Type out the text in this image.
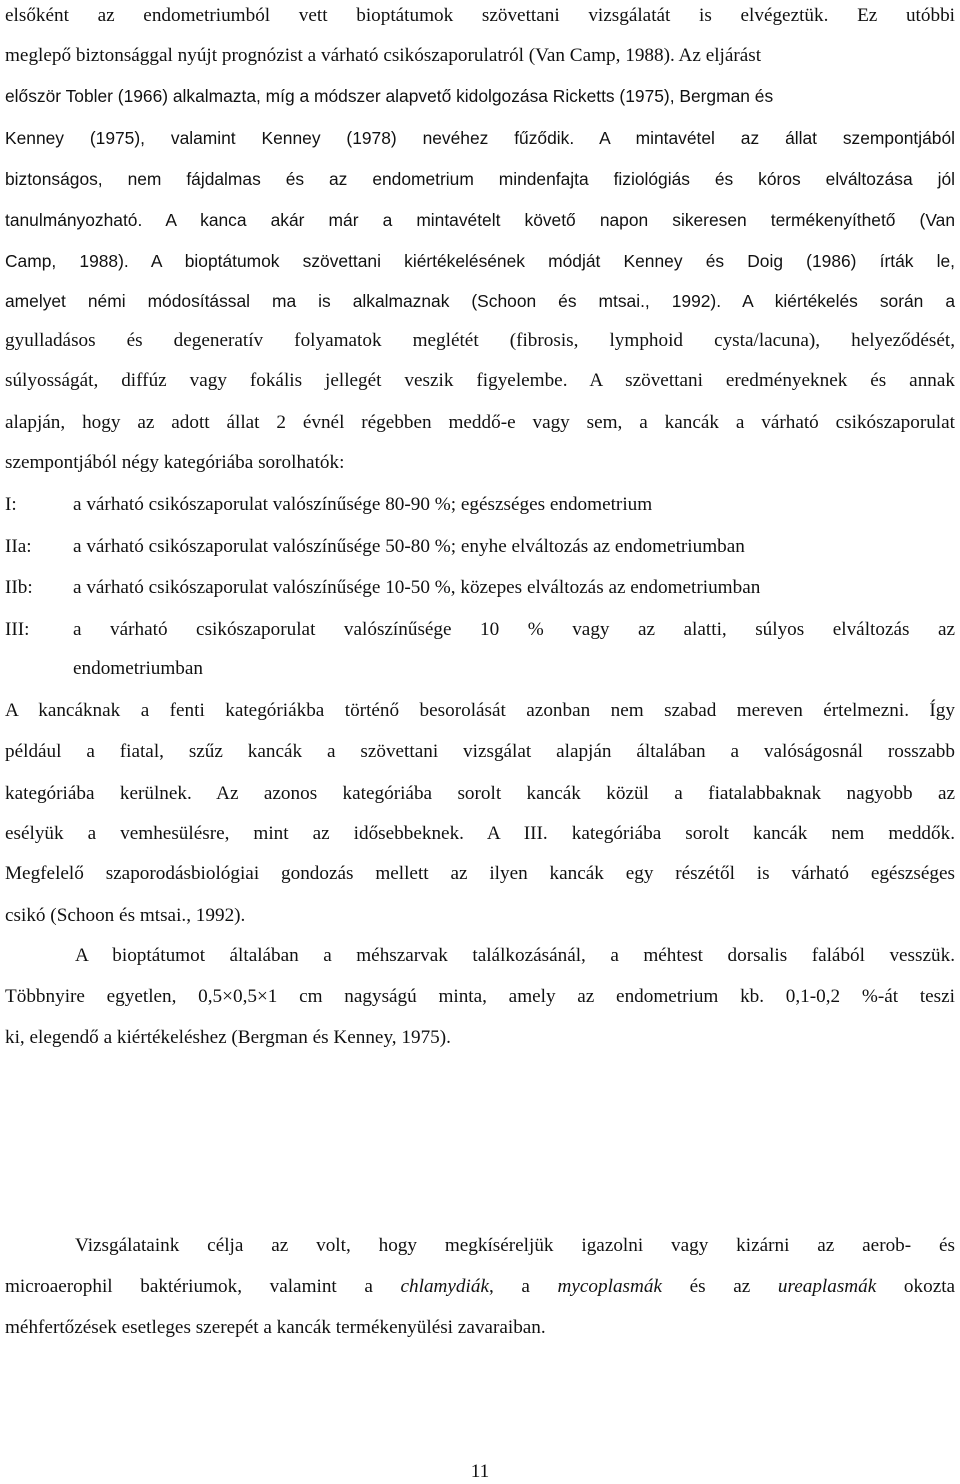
elsőként az endometriumból vett bioptátumok szövettani vizsgálatát is elvégeztük. Ez utóbbi
meglepő biztonsággal nyújt prognózist a várható csikószaporulatról (Van Camp, 1988). Az eljárást
először Tobler (1966) alkalmazta, míg a módszer alapvető kidolgozása Ricketts (1975), Bergman és
Kenney (1975), valamint Kenney (1978) nevéhez fűződik. A mintavétel az állat szempontjából
biztonságos, nem fájdalmas és az endometrium mindenfajta fiziológiás és kóros elváltozása jól
tanulmányozható. A kanca akár már a mintavételt követő napon sikeresen termékenyíthető (Van
Camp, 1988). A bioptátumok szövettani kiértékelésének módját Kenney és Doig (1986) írták le,
amelyet némi módosítással ma is alkalmaznak (Schoon és mtsai., 1992). A kiértékelés során a
gyulladásos és degeneratív folyamatok meglétét (fibrosis, lymphoid cysta/lacuna), helyeződését,
súlyosságát, diffúz vagy fokális jellegét veszik figyelembe. A szövettani eredményeknek és annak
alapján, hogy az adott állat 2 évnél régebben meddő-e vagy sem, a kancák a várható csikószaporulat
szempontjából négy kategóriába sorolhatók:
I:	a várható csikószaporulat valószínűsége 80-90 %; egészséges endometrium
IIa: a várható csikószaporulat valószínűsége 50-80 %; enyhe elváltozás az endometriumban
IIb: a várható csikószaporulat valószínűsége 10-50 %, közepes elváltozás az endometriumban
III: a várható csikószaporulat valószínűsége 10 % vagy az alatti, súlyos elváltozás az
endometriumban
A kancáknak a fenti kategóriákba történő besorolását azonban nem szabad mereven értelmezni. Így
például a fiatal, szűz kancák a szövettani vizsgálat alapján általában a valóságosnál rosszabb
kategóriába kerülnek. Az azonos kategóriába sorolt kancák közül a fiatalabbaknak nagyobb az
esélyük a vemhesülésre, mint az idősebbeknek. A III. kategóriába sorolt kancák nem meddők.
Megfelelő szaporodásbiológiai gondozás mellett az ilyen kancák egy részétől is várható egészséges
csikó (Schoon és mtsai., 1992).
A bioptátumot általában a méhszarvak találkozásánál, a méhtest dorsalis falából vesszük.
Többnyire egyetlen, 0,5×0,5×1 cm nagyságú minta, amely az endometrium kb. 0,1-0,2 %-át teszi
ki, elegendő a kiértékeléshez (Bergman és Kenney, 1975).
Vizsgálataink célja az volt, hogy megkíséreljük igazolni vagy kizárni az aerob- és
microaerophil baktériumok, valamint a chlamydiák, a mycoplasmák és az ureaplasmák okozta
méhfertőzések esetleges szerepét a kancák termékenyülési zavaraiban.
11
